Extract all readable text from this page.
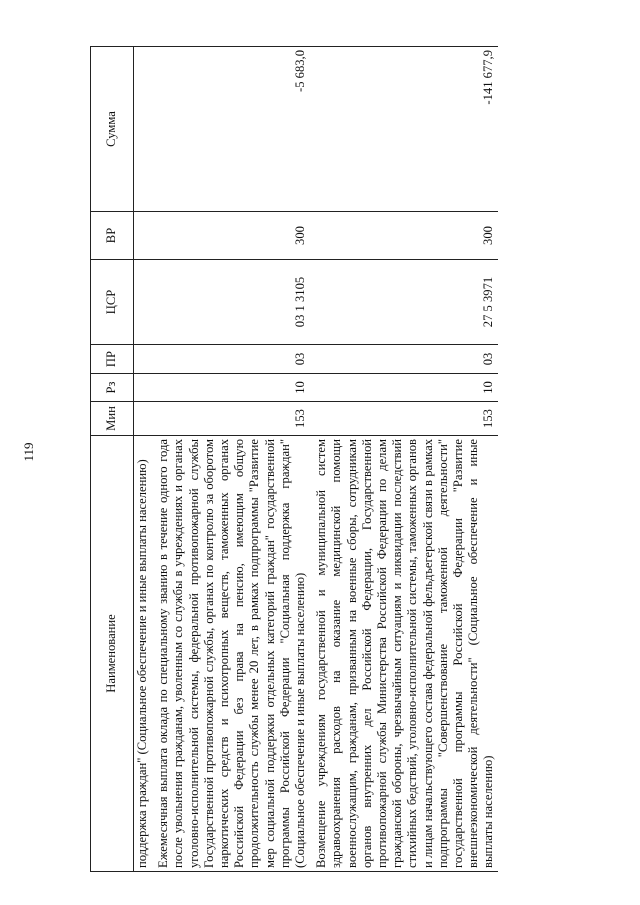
119
Наименование	Мин	Рз	ПР	ЦСР	ВР	Сумма
поддержка граждан" (Социальное обеспечение и иные выплаты населению)						

Ежемесячная выплата оклада по специальному званию в течение одного года после увольнения гражданам, уволенным со службы в учреждениях и органах уголовно-исполнительной системы, федеральной противопожарной службы Государственной противопожарной службы, органах по контролю за оборотом наркотических средств и психотропных веществ, таможенных органах Российской Федерации без права на пенсию, имеющим общую продолжительность службы менее 20 лет, в рамках подпрограммы "Развитие мер социальной поддержки отдельных категорий граждан" государственной программы Российской Федерации "Социальная поддержка граждан" (Социальное обеспечение и иные выплаты населению)	153	10	03	03 1 3105	300	-5 683,0

Возмещение учреждениям государственной и муниципальной систем здравоохранения расходов на оказание медицинской помощи военнослужащим, гражданам, призванным на военные сборы, сотрудникам органов внутренних дел Российской Федерации, Государственной противопожарной службы Министерства Российской Федерации по делам гражданской обороны, чрезвычайным ситуациям и ликвидации последствий стихийных бедствий, уголовно-исполнительной системы, таможенных органов и лицам начальствующего состава федеральной фельдъегерской связи в рамках подпрограммы "Совершенствование таможенной деятельности" государственной программы Российской Федерации "Развитие внешнеэкономической деятельности" (Социальное обеспечение и иные выплаты населению)	153	10	03	27 5 3971	300	-141 677,9
